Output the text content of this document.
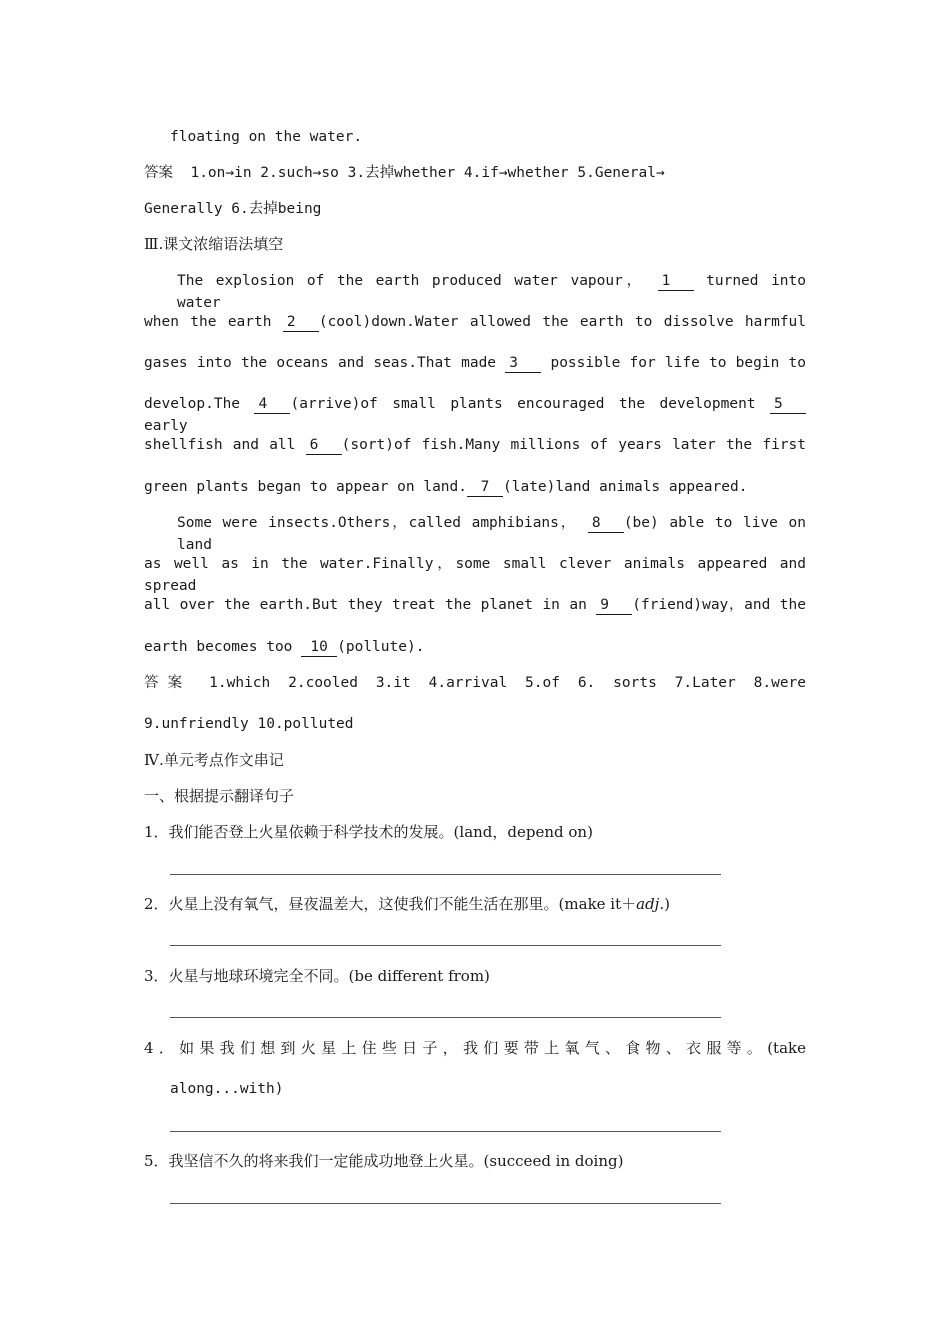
floating on the water.
答案 1.on→in 2.such→so 3.去掉whether 4.if→whether 5.General→
Generally 6.去掉being
Ⅲ.课文浓缩语法填空
The explosion of the earth produced water vapour， 1 turned into water
when the earth 2 (cool)down.Water allowed the earth to dissolve harmful
gases into the oceans and seas.That made 3 possible for life to begin to
develop.The 4 (arrive)of small plants encouraged the development 5 early
shellfish and all 6 (sort)of fish.Many millions of years later the first
green plants began to appear on land. 7 (late)land animals appeared.
Some were insects.Others，called amphibians， 8 (be) able to live on land
as well as in the water.Finally，some small clever animals appeared and spread
all over the earth.But they treat the planet in an 9 (friend)way，and the
earth becomes too 10 (pollute).
答案 1.which 2.cooled 3.it 4.arrival 5.of 6. sorts 7.Later 8.were
9.unfriendly 10.polluted
Ⅳ.单元考点作文串记
一、根据提示翻译句子
1．我们能否登上火星依赖于科学技术的发展。(land，depend on)
2．火星上没有氧气，昼夜温差大，这使我们不能生活在那里。(make it＋adj.)
3．火星与地球环境完全不同。(be different from)
4．如果我们想到火星上住些日子，我们要带上氧气、食物、衣服等。(take
along...with)
5．我坚信不久的将来我们一定能成功地登上火星。(succeed in doing)
